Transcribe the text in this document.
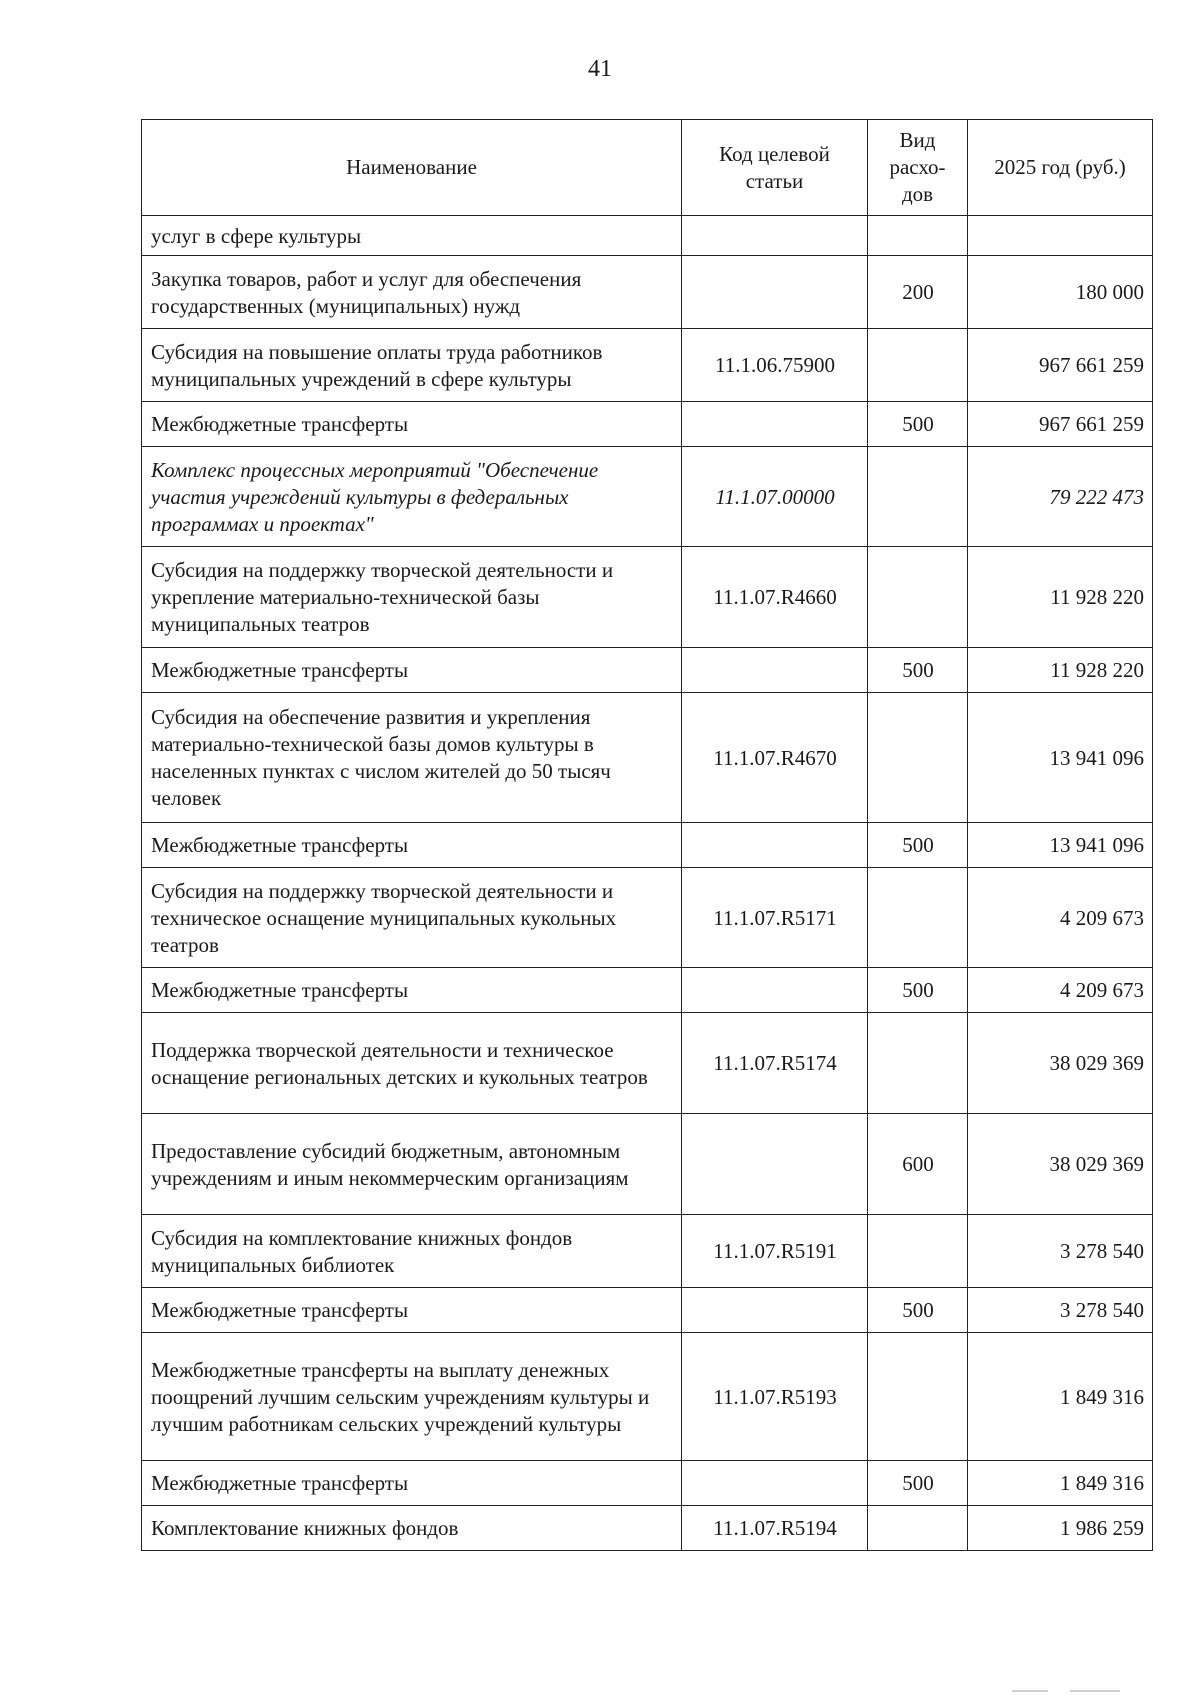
41
Наименование	Код целевой статьи	Вид расхо-дов	2025 год (руб.)
услуг в сфере культуры			
Закупка товаров, работ и услуг для обеспечения государственных (муниципальных) нужд		200	180 000
Субсидия на повышение оплаты труда работников муниципальных учреждений в сфере культуры	11.1.06.75900		967 661 259
Межбюджетные трансферты		500	967 661 259
Комплекс процессных мероприятий "Обеспечение участия учреждений культуры в федеральных программах и проектах"	11.1.07.00000		79 222 473
Субсидия на поддержку творческой деятельности и укрепление материально-технической базы муниципальных театров	11.1.07.R4660		11 928 220
Межбюджетные трансферты		500	11 928 220
Субсидия на обеспечение развития и укрепления материально-технической базы домов культуры в населенных пунктах с числом жителей до 50 тысяч человек	11.1.07.R4670		13 941 096
Межбюджетные трансферты		500	13 941 096
Субсидия на поддержку творческой деятельности и техническое оснащение муниципальных кукольных театров	11.1.07.R5171		4 209 673
Межбюджетные трансферты		500	4 209 673
Поддержка творческой деятельности и техническое оснащение региональных детских и кукольных театров	11.1.07.R5174		38 029 369
Предоставление субсидий бюджетным, автономным учреждениям и иным некоммерческим организациям		600	38 029 369
Субсидия на комплектование книжных фондов муниципальных библиотек	11.1.07.R5191		3 278 540
Межбюджетные трансферты		500	3 278 540
Межбюджетные трансферты на выплату денежных поощрений лучшим сельским учреждениям культуры и лучшим работникам сельских учреждений культуры	11.1.07.R5193		1 849 316
Межбюджетные трансферты		500	1 849 316
Комплектование книжных фондов	11.1.07.R5194		1 986 259
